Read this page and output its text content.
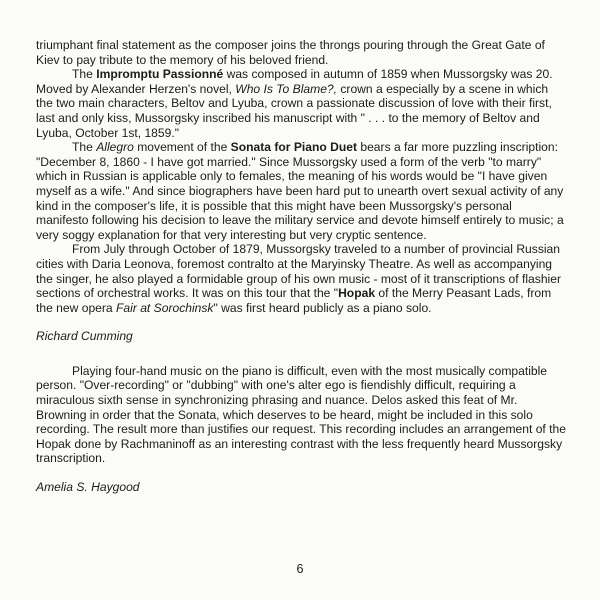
triumphant final statement as the composer joins the throngs pouring through the Great Gate of Kiev to pay tribute to the memory of his beloved friend.

The Impromptu Passionné was composed in autumn of 1859 when Mussorgsky was 20. Moved by Alexander Herzen's novel, Who Is To Blame?, crown a especially by a scene in which the two main characters, Beltov and Lyuba, crown a passionate discussion of love with their first, last and only kiss, Mussorgsky inscribed his manuscript with " . . . to the memory of Beltov and Lyuba, October 1st, 1859."

The Allegro movement of the Sonata for Piano Duet bears a far more puzzling inscription: "December 8, 1860 - I have got married." Since Mussorgsky used a form of the verb "to marry" which in Russian is applicable only to females, the meaning of his words would be "I have given myself as a wife." And since biographers have been hard put to unearth overt sexual activity of any kind in the composer's life, it is possible that this might have been Mussorgsky's personal manifesto following his decision to leave the military service and devote himself entirely to music; a very soggy explanation for that very interesting but very cryptic sentence.

From July through October of 1879, Mussorgsky traveled to a number of provincial Russian cities with Daria Leonova, foremost contralto at the Maryinsky Theatre. As well as accompanying the singer, he also played a formidable group of his own music - most of it transcriptions of flashier sections of orchestral works. It was on this tour that the "Hopak of the Merry Peasant Lads, from the new opera Fair at Sorochinsk" was first heard publicly as a piano solo.

Richard Cumming

Playing four-hand music on the piano is difficult, even with the most musically compatible person. "Over-recording" or "dubbing" with one's alter ego is fiendishly difficult, requiring a miraculous sixth sense in synchronizing phrasing and nuance. Delos asked this feat of Mr. Browning in order that the Sonata, which deserves to be heard, might be included in this solo recording. The result more than justifies our request. This recording includes an arrangement of the Hopak done by Rachmaninoff as an interesting contrast with the less frequently heard Mussorgsky transcription.

Amelia S. Haygood

6
